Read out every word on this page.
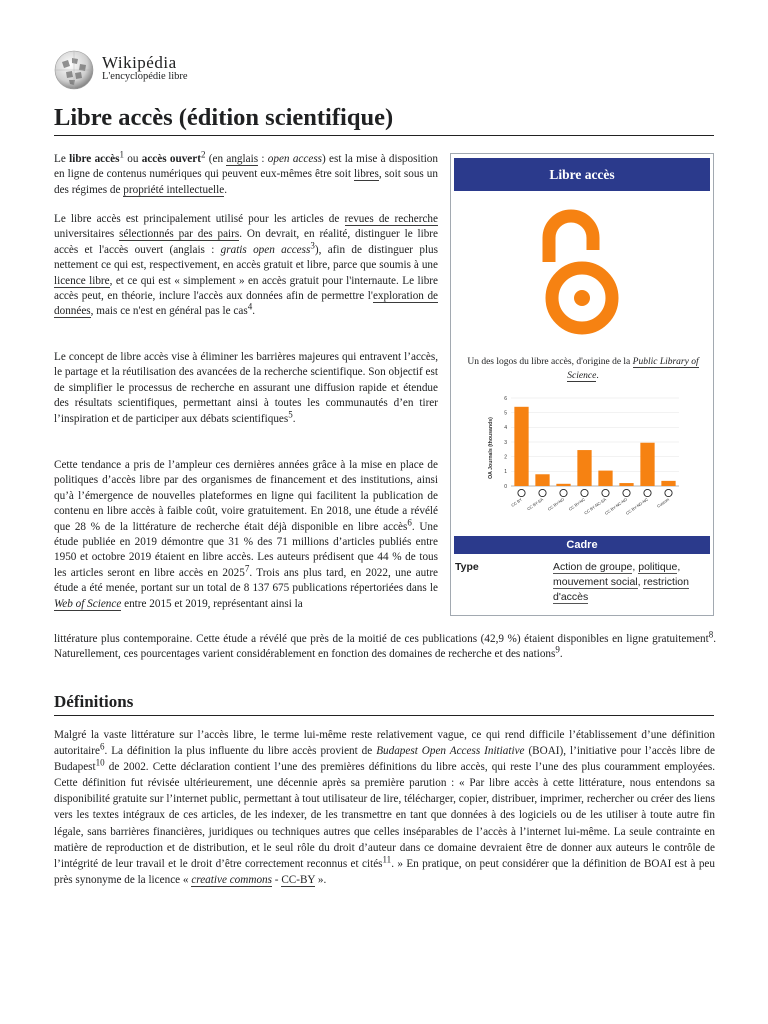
Wikipédia
L'encyclopédie libre
Libre accès (édition scientifique)

Le libre accès$^1$ ou accès ouvert$^2$ (en anglais : open access) est la mise à disposition en ligne de contenus numériques qui peuvent eux-mêmes être soit libres, soit sous un des régimes de propriété intellectuelle.

Le libre accès est principalement utilisé pour les articles de revues de recherche universitaires sélectionnés par des pairs. On devrait, en réalité, distinguer le libre accès et l'accès ouvert (anglais : gratis open access$^3$), afin de distinguer plus nettement ce qui est, respectivement, en accès gratuit et libre, parce que soumis à une licence libre, et ce qui est « simplement » en accès gratuit pour l'internaute. Le libre accès peut, en théorie, inclure l'accès aux données afin de permettre l'exploration de données, mais ce n'est en général pas le cas$^4$.

Le concept de libre accès vise à éliminer les barrières majeures qui entravent l’accès, le partage et la réutilisation des avancées de la recherche scientifique. Son objectif est de simplifier le processus de recherche en assurant une diffusion rapide et étendue des résultats scientifiques, permettant ainsi à toutes les communautés d’en tirer l’inspiration et de participer aux débats scientifiques$^5$.

Cette tendance a pris de l’ampleur ces dernières années grâce à la mise en place de politiques d’accès libre par des organismes de financement et des institutions, ainsi qu’à l’émergence de nouvelles plateformes en ligne qui facilitent la publication de contenu en libre accès à faible coût, voire gratuitement. En 2018, une étude a révélé que 28 % de la littérature de recherche était déjà disponible en libre accès$^6$. Une étude publiée en 2019 démontre que 31 % des 71 millions d’articles publiés entre 1950 et octobre 2019 étaient en libre accès. Les auteurs prédisent que 44 % de tous les articles seront en libre accès en 2025$^7$. Trois ans plus tard, en 2022, une autre étude a été menée, portant sur un total de 8 137 675 publications répertoriées dans le Web of Science entre 2015 et 2019, représentant ainsi la

littérature plus contemporaine. Cette étude a révélé que près de la moitié de ces publications (42,9 %) étaient disponibles en ligne gratuitement$^8$. Naturellement, ces pourcentages varient considérablement en fonction des domaines de recherche et des nations$^9$.

Définitions

Malgré la vaste littérature sur l’accès libre, le terme lui-même reste relativement vague, ce qui rend difficile l’établissement d’une définition autoritaire$^6$. La définition la plus influente du libre accès provient de Budapest Open Access Initiative (BOAI), l’initiative pour l’accès libre de Budapest$^{10}$ de 2002. Cette déclaration contient l’une des premières définitions du libre accès, qui reste l’une des plus couramment employées. Cette définition fut révisée ultérieurement, une décennie après sa première parution : « Par libre accès à cette littérature, nous entendons sa disponibilité gratuite sur l’internet public, permettant à tout utilisateur de lire, télécharger, copier, distribuer, imprimer, rechercher ou créer des liens vers les textes intégraux de ces articles, de les indexer, de les transmettre en tant que données à des logiciels ou de les utiliser à toute autre fin légale, sans barrières financières, juridiques ou techniques autres que celles inséparables de l’accès à l’internet lui-même. La seule contrainte en matière de reproduction et de distribution, et le seul rôle du droit d’auteur dans ce domaine devraient être de donner aux auteurs le contrôle de l’intégrité de leur travail et le droit d’être correctement reconnus et cités$^{11}$. » En pratique, on peut considérer que la définition de BOAI est à peu près synonyme de la licence « creative commons - CC-BY ».

Libre accès
Un des logos du libre accès, d'origine de la Public Library of Science.
0
1
2
3
4
5
6
CC BY CC BY-SA CC BY-ND CC BY-NC
CC BY-NC-SA
CC BY-NC-ND
CC BY-ND-NC Custom
OA Journals (thousands)
Cadre
Type	Action de groupe, politique, mouvement social, restriction d'accès
